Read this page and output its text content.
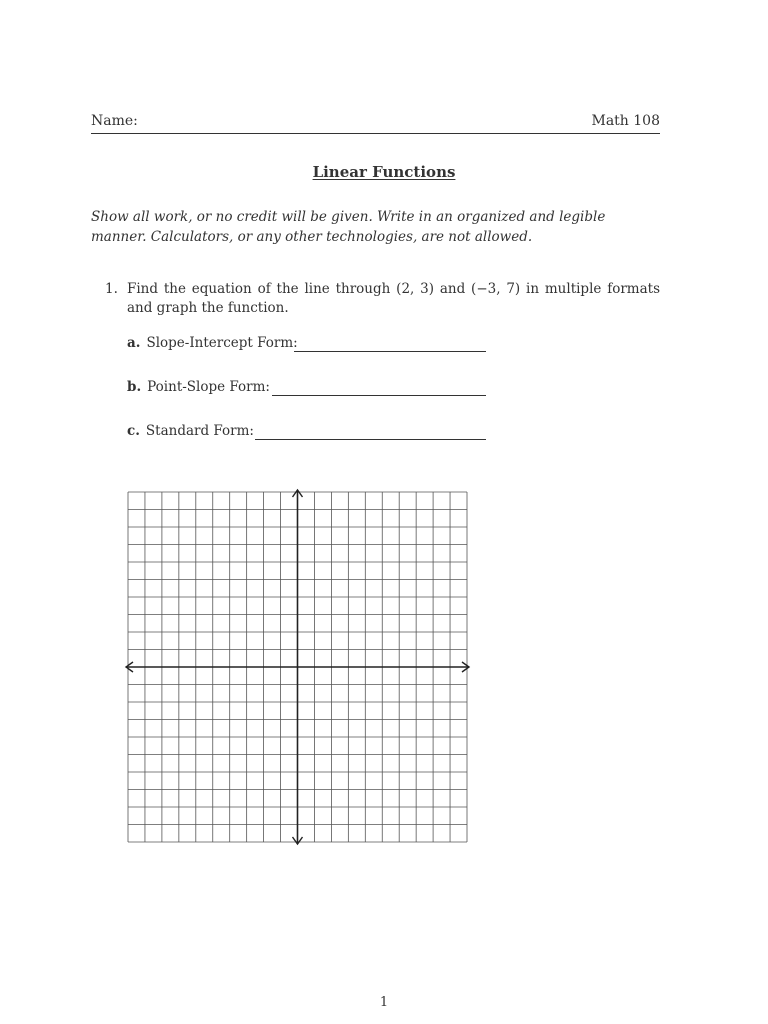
Name:	Math 108
Linear Functions
Show all work, or no credit will be given. Write in an organized and legible manner. Calculators, or any other technologies, are not allowed.
1. Find the equation of the line through (2, 3) and (−3, 7) in multiple formats and graph the function.
a. Slope-Intercept Form:
b. Point-Slope Form:
c. Standard Form:
1
